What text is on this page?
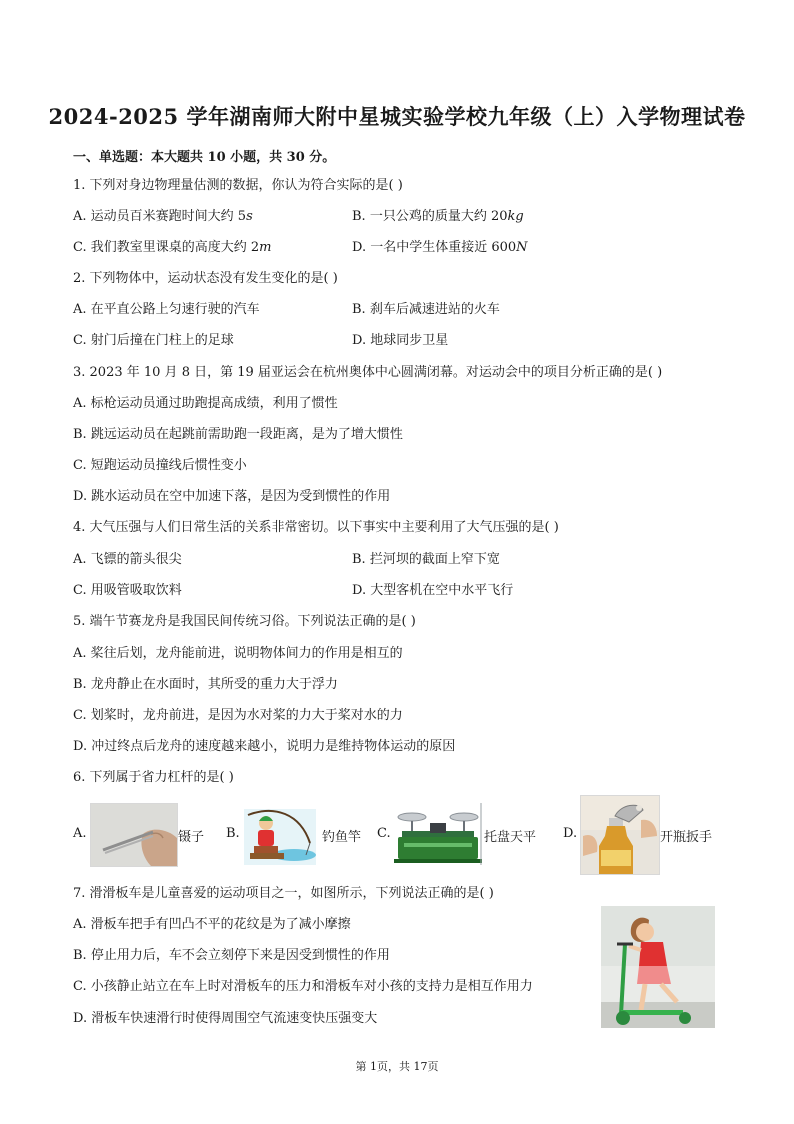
2024-2025 学年湖南师大附中星城实验学校九年级（上）入学物理试卷
一、单选题：本大题共 10 小题，共 30 分。
1. 下列对身边物理量估测的数据，你认为符合实际的是( )
A. 运动员百米赛跑时间大约 5s	B. 一只公鸡的质量大约 20kg
C. 我们教室里课桌的高度大约 2m	D. 一名中学生体重接近 600N
2. 下列物体中，运动状态没有发生变化的是( )
A. 在平直公路上匀速行驶的汽车	B. 刹车后减速进站的火车
C. 射门后撞在门柱上的足球	D. 地球同步卫星
3. 2023 年 10 月 8 日，第 19 届亚运会在杭州奥体中心圆满闭幕。对运动会中的项目分析正确的是( )
A. 标枪运动员通过助跑提高成绩，利用了惯性
B. 跳远运动员在起跳前需助跑一段距离，是为了增大惯性
C. 短跑运动员撞线后惯性变小
D. 跳水运动员在空中加速下落，是因为受到惯性的作用
4. 大气压强与人们日常生活的关系非常密切。以下事实中主要利用了大气压强的是( )
A. 飞镖的箭头很尖	B. 拦河坝的截面上窄下宽
C. 用吸管吸取饮料	D. 大型客机在空中水平飞行
5. 端午节赛龙舟是我国民间传统习俗。下列说法正确的是( )
A. 桨往后划，龙舟能前进，说明物体间力的作用是相互的
B. 龙舟静止在水面时，其所受的重力大于浮力
C. 划桨时，龙舟前进，是因为水对桨的力大于桨对水的力
D. 冲过终点后龙舟的速度越来越小，说明力是维持物体运动的原因
6. 下列属于省力杠杆的是( )
A.	镊子 B.	钓鱼竿 C.	托盘天平 D.	开瓶扳手
7. 滑滑板车是儿童喜爱的运动项目之一，如图所示，下列说法正确的是( )
A. 滑板车把手有凹凸不平的花纹是为了减小摩擦
B. 停止用力后，车不会立刻停下来是因受到惯性的作用
C. 小孩静止站立在车上时对滑板车的压力和滑板车对小孩的支持力是相互作用力
D. 滑板车快速滑行时使得周围空气流速变快压强变大
第 1页，共 17页
